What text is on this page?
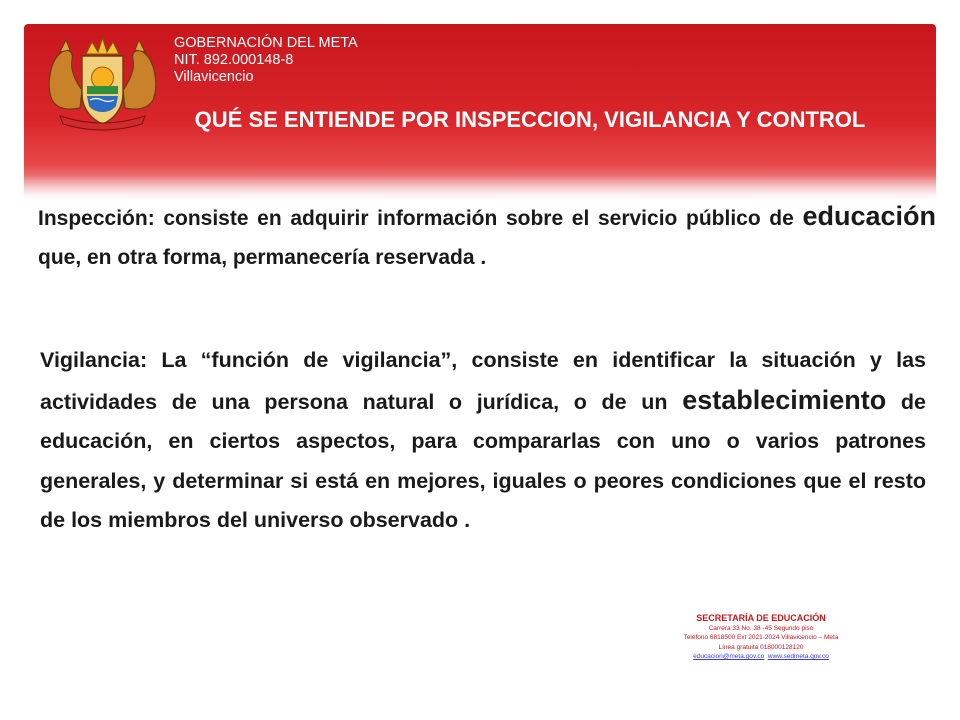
GOBERNACIÓN DEL META
NIT. 892.000148-8
Villavicencio
QUÉ SE ENTIENDE POR INSPECCION, VIGILANCIA Y CONTROL
Inspección: consiste en adquirir información sobre el servicio público de educación que, en otra forma, permanecería reservada .
Vigilancia: La “función de vigilancia”, consiste en identificar la situación y las actividades de una persona natural o jurídica, o de un establecimiento de educación, en ciertos aspectos, para compararlas con uno o varios patrones generales, y determinar si está en mejores, iguales o peores condiciones que el resto de los miembros del universo observado .
SECRETARÍA DE EDUCACIÓN
Carrera 33 No. 38 -45 Segundo piso
Teléfono 6818500 Ext 2021-2024 Villavicencio – Meta
Línea gratuita 018000128120
educacion@meta.gov.co www.sedmeta.gov.co
